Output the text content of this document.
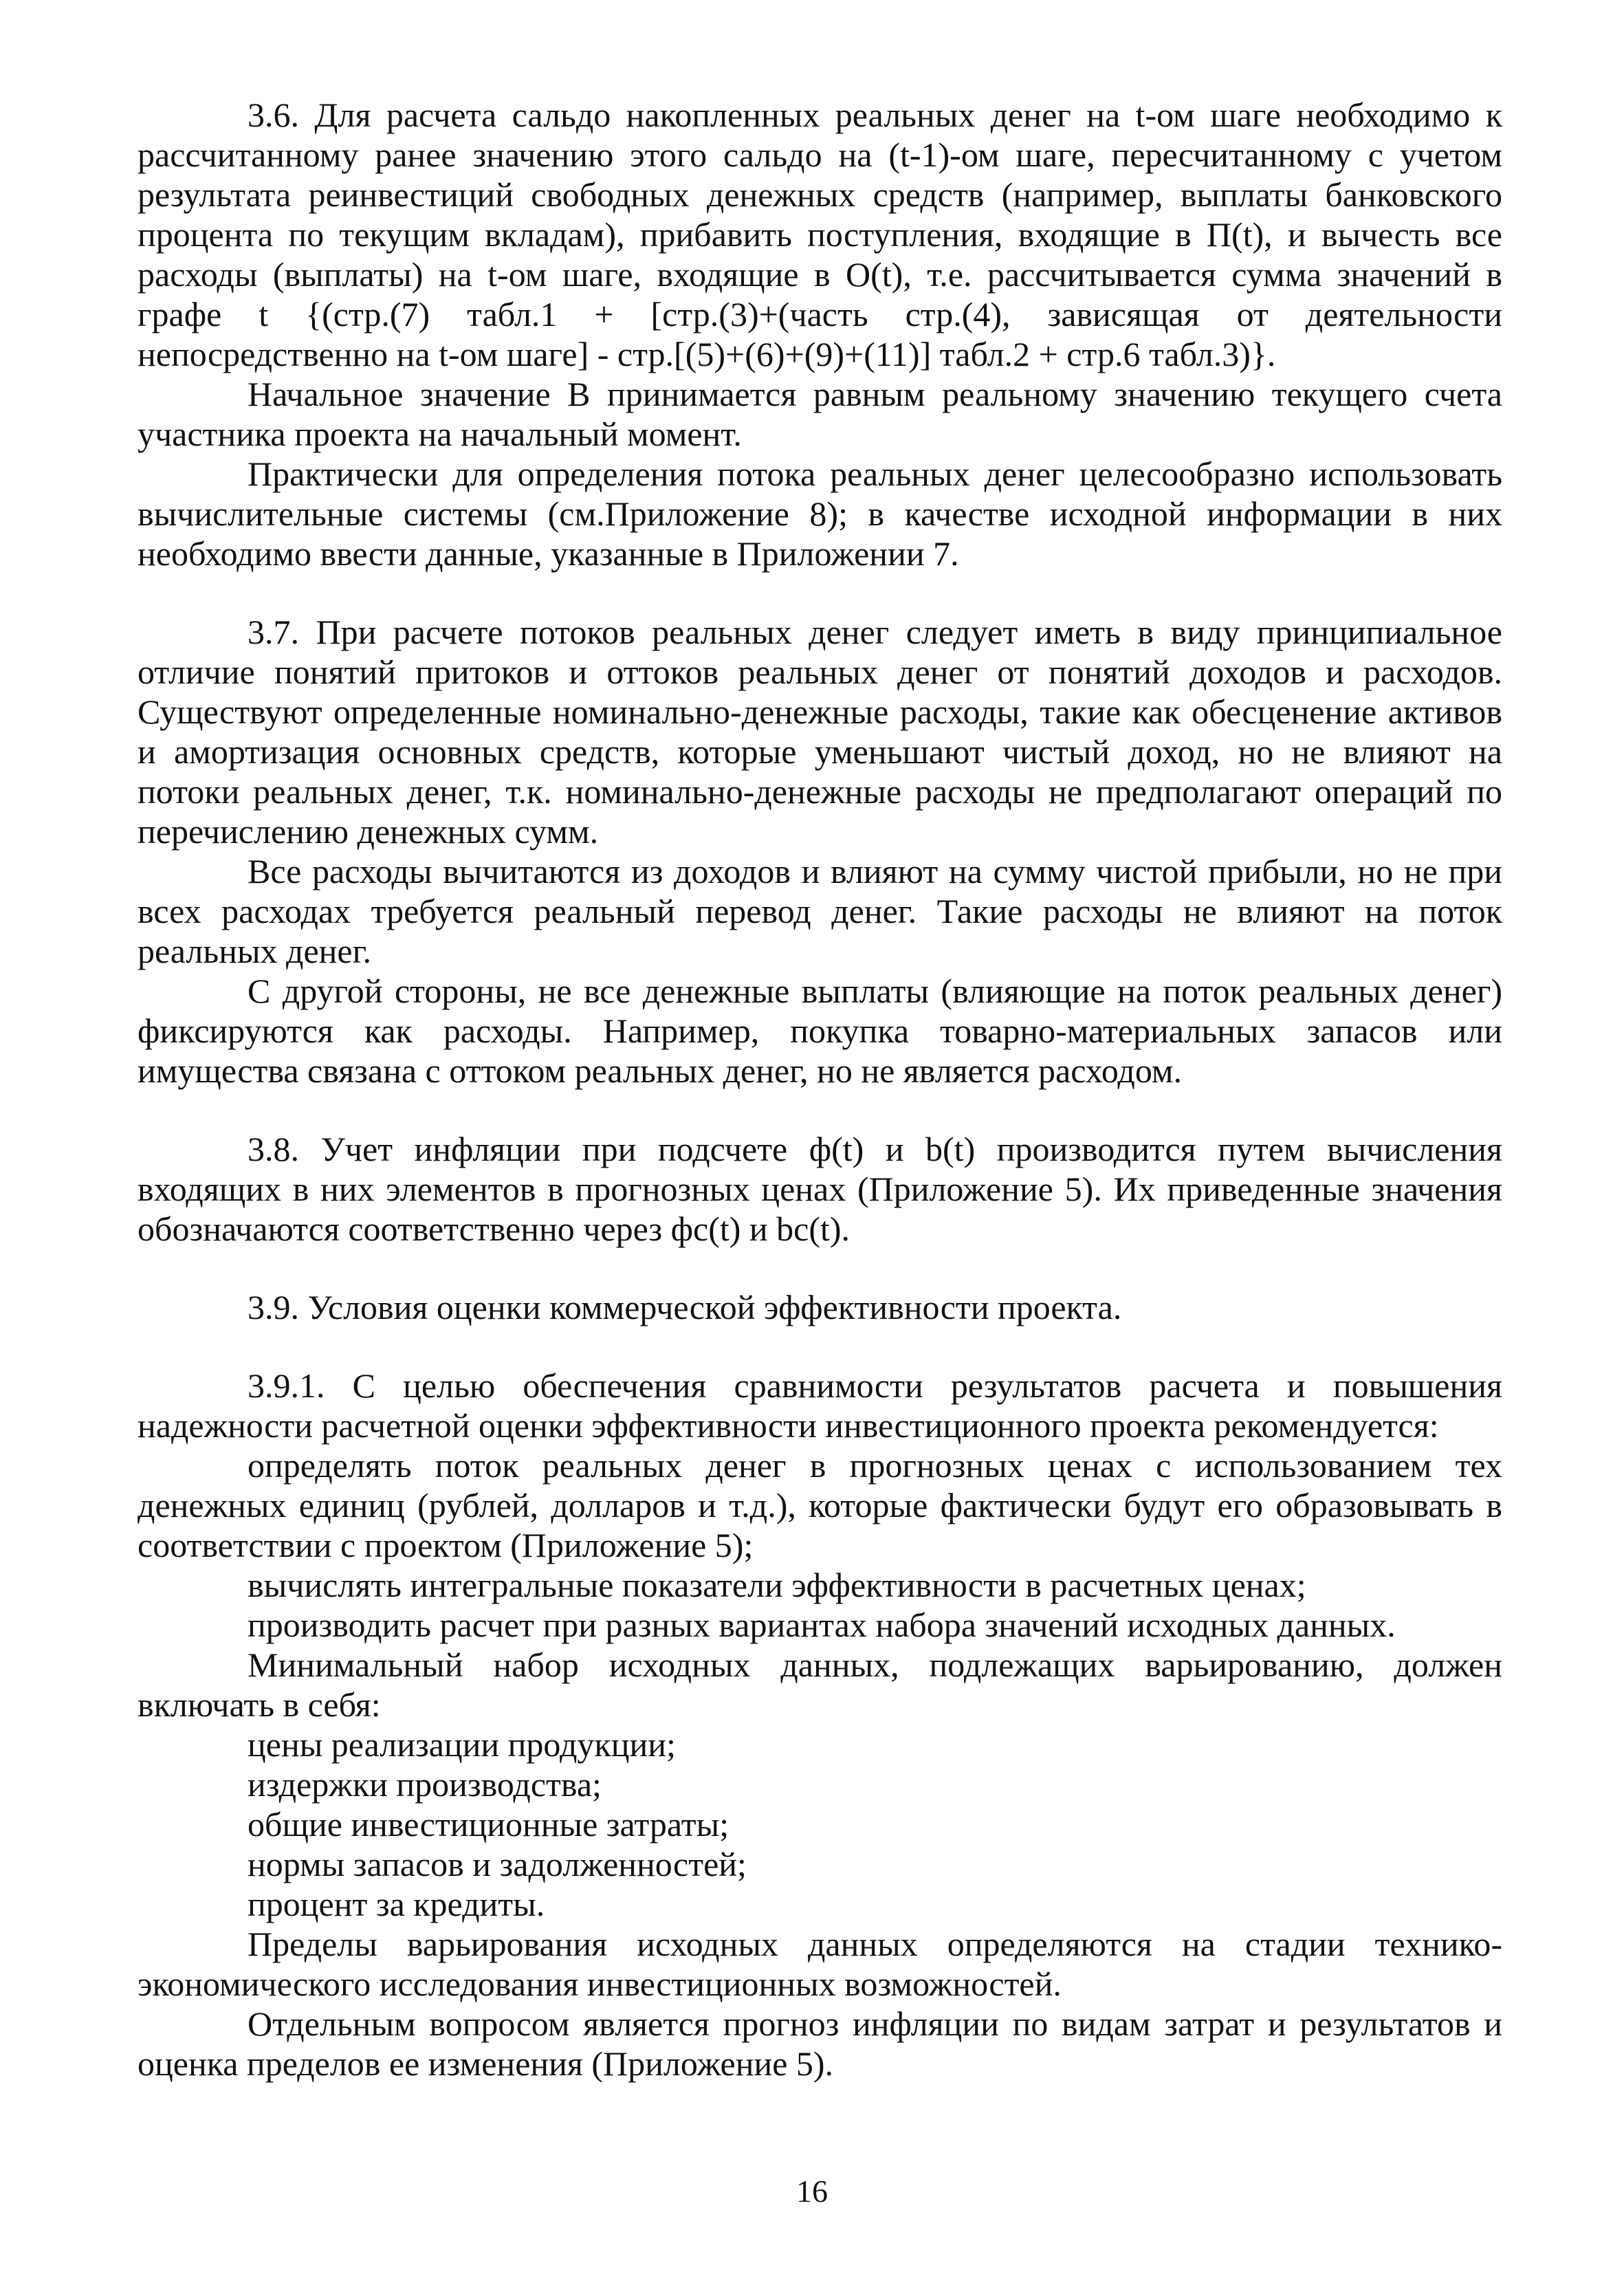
3.6. Для расчета сальдо накопленных реальных денег на t-ом шаге необходимо к рассчитанному ранее значению этого сальдо на (t-1)-ом шаге, пересчитанному с учетом результата реинвестиций свободных денежных средств (например, выплаты банковского процента по текущим вкладам), прибавить поступления, входящие в П(t), и вычесть все расходы (выплаты) на t-ом шаге, входящие в O(t), т.е. рассчитывается сумма значений в графе t {(стр.(7) табл.1 + [стр.(3)+(часть стр.(4), зависящая от деятельности непосредственно на t-ом шаге] - стр.[(5)+(6)+(9)+(11)] табл.2 + стр.6 табл.3)}.

Начальное значение B принимается равным реальному значению текущего счета участника проекта на начальный момент.

Практически для определения потока реальных денег целесообразно использовать вычислительные системы (см.Приложение 8); в качестве исходной информации в них необходимо ввести данные, указанные в Приложении 7.

3.7. При расчете потоков реальных денег следует иметь в виду принципиальное отличие понятий притоков и оттоков реальных денег от понятий доходов и расходов. Существуют определенные номинально-денежные расходы, такие как обесценение активов и амортизация основных средств, которые уменьшают чистый доход, но не влияют на потоки реальных денег, т.к. номинально-денежные расходы не предполагают операций по перечислению денежных сумм.

Все расходы вычитаются из доходов и влияют на сумму чистой прибыли, но не при всех расходах требуется реальный перевод денег. Такие расходы не влияют на поток реальных денег.

С другой стороны, не все денежные выплаты (влияющие на поток реальных денег) фиксируются как расходы. Например, покупка товарно-материальных запасов или имущества связана с оттоком реальных денег, но не является расходом.

3.8. Учет инфляции при подсчете ф(t) и b(t) производится путем вычисления входящих в них элементов в прогнозных ценах (Приложение 5). Их приведенные значения обозначаются соответственно через фс(t) и bс(t).

3.9. Условия оценки коммерческой эффективности проекта.

3.9.1. С целью обеспечения сравнимости результатов расчета и повышения надежности расчетной оценки эффективности инвестиционного проекта рекомендуется:

определять поток реальных денег в прогнозных ценах с использованием тех денежных единиц (рублей, долларов и т.д.), которые фактически будут его образовывать в соответствии с проектом (Приложение 5);

вычислять интегральные показатели эффективности в расчетных ценах;

производить расчет при разных вариантах набора значений исходных данных.

Минимальный набор исходных данных, подлежащих варьированию, должен включать в себя:

цены реализации продукции;

издержки производства;

общие инвестиционные затраты;

нормы запасов и задолженностей;

процент за кредиты.

Пределы варьирования исходных данных определяются на стадии технико-экономического исследования инвестиционных возможностей.

Отдельным вопросом является прогноз инфляции по видам затрат и результатов и оценка пределов ее изменения (Приложение 5).

16
